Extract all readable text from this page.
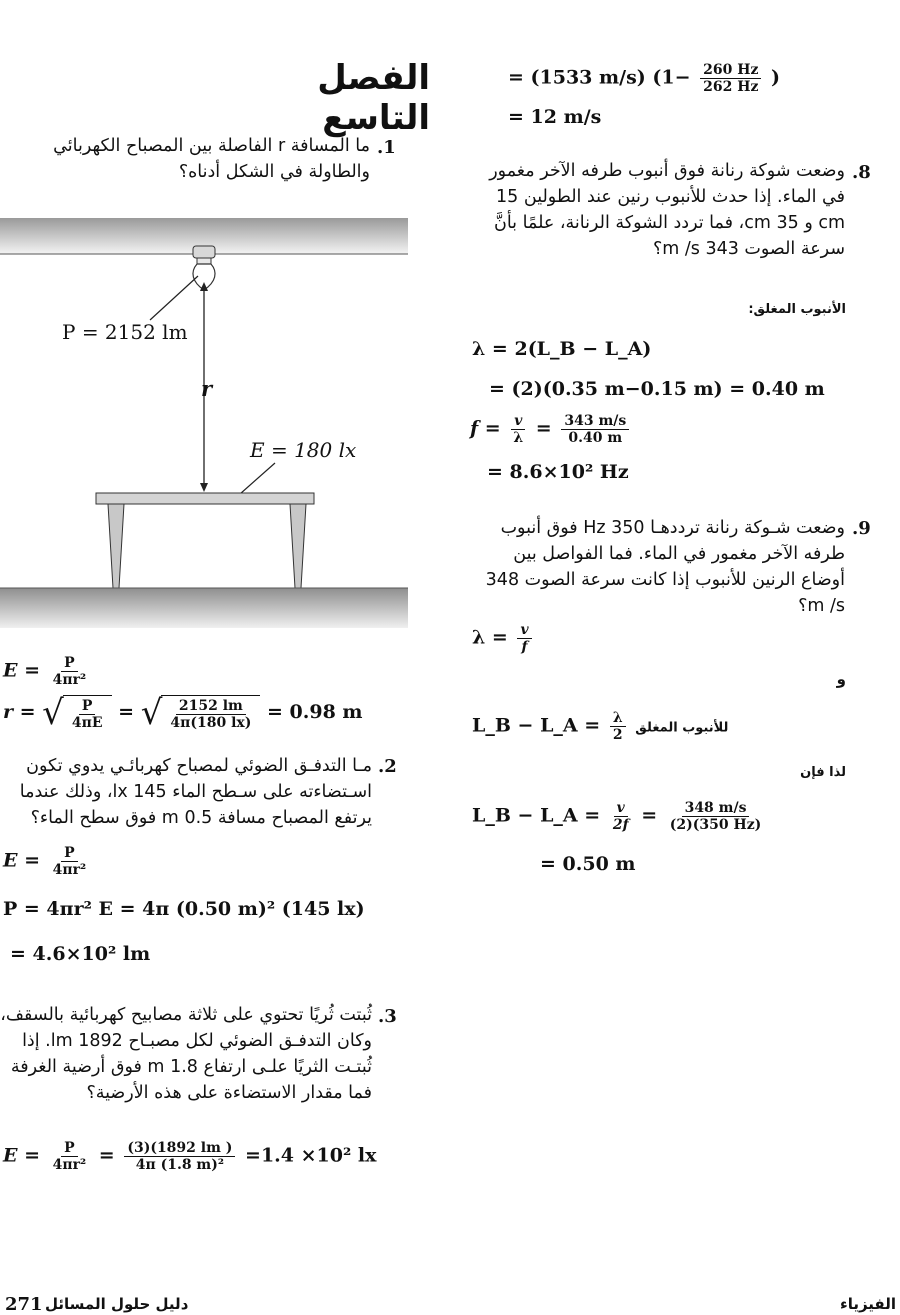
الفصل التاسع
ما المسافة r الفاصلة بين المصباح الكهربائي والطاولة في الشكل أدناه؟
.1
P = 2152 lm
r
E = 180 lx
$E = \frac{P}{\text{4πr²}}$
r = √ $\frac{P}{4\pi E}$ = √ $\frac{2152 lm}{4\pi(180 lx)} = 0.98$ m
مـا التدفـق الضوئي لمصباح كهربائـي يدوي تكون اسـتضاءته على سـطح الماء 145 lx، وذلك عندما يرتفع المصباح مسافة 0.5 m فوق سطح الماء؟
.2
$E = \frac{P}{\text{4πr²}}$
P = 4πr² E = 4π (0.50 m)² (145 lx)
= 4.6×10² lm
ثُبتت ثُريًا تحتوي على ثلاثة مصابيح كهربائية بالسقف، وكان التدفـق الضوئي لكل مصبـاح 1892 lm. إذا ثُبتـت الثريًا علـى ارتفاع 1.8 m فوق أرضية الغرفة فما مقدار الاستضاءة على هذه الأرضية؟
.3
$E = \frac{P}{\text{4πr²}} = \frac{(3)(1892 lm )}{\text{4π (1.8 m)²}} =1.4 \times 10^2$ lx
= (1533 m/s) ($1- \frac{260 Hz}{262 Hz}$ )
= 12 m/s
وضعت شوكة رنانة فوق أنبوب طرفه الآخر مغمور في الماء. إذا حدث للأنبوب رنين عند الطولين 15 cm و 35 cm، فما تردد الشوكة الرنانة، علمًا بأنَّ سرعة الصوت 343 m /s؟
.8
الأنبوب المغلق:
λ = 2(L_B − L_A)
= (2)(0.35 m−0.15 m) = 0.40 m
$f = \frac{v}{\lambda} = \frac{343 m/s}{0.40 m}$
= 8.6×10² Hz
وضعت شـوكة رنانة ترددهـا 350 Hz فوق أنبوب طرفه الآخر مغمور في الماء. فما الفواصل بين أوضاع الرنين للأنبوب إذا كانت سرعة الصوت 348 m /s؟
.9
$\lambda = \frac{v}{f}$
و
L_B − L_A = $\frac{\lambda}{2}$ للأنبوب المغلق
لذا فإن
L_B − L_A = $\frac{v}{2f} = \frac{348 m/s}{(2)(350 Hz)}$
= 0.50 m
271 دليل حلول المسائل	الفيزياء
